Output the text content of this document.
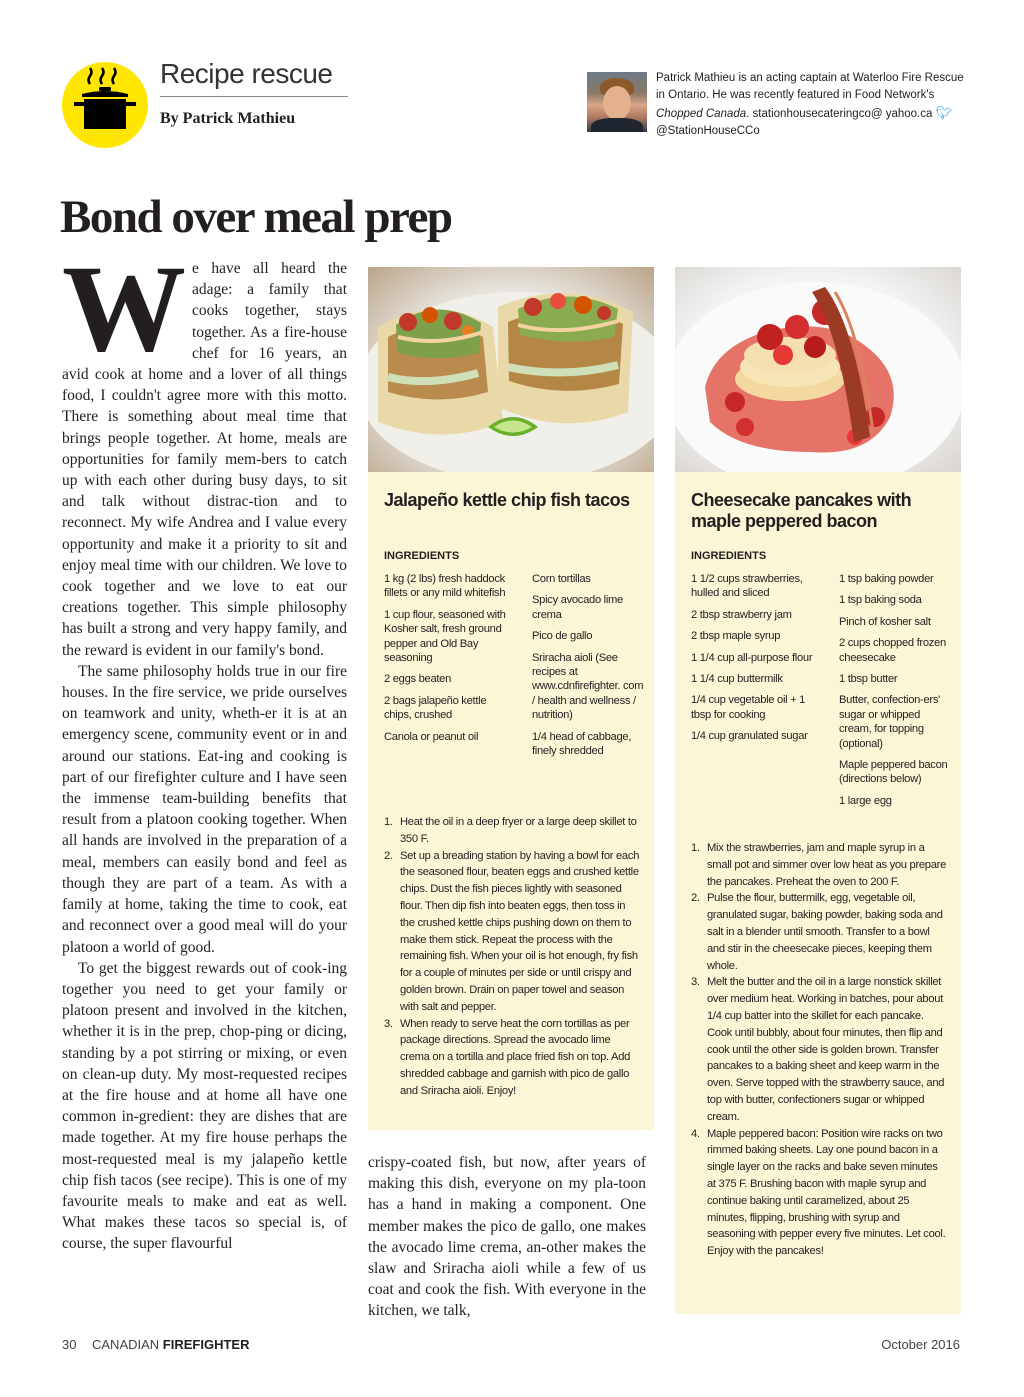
Recipe rescue
By Patrick Mathieu
Patrick Mathieu is an acting captain at Waterloo Fire Rescue in Ontario. He was recently featured in Food Network's Chopped Canada. stationhousecateringco@ yahoo.ca 🐦︎@StationHouseCCo
Bond over meal prep

We have all heard the adage: a family that cooks together, stays together. As a fire-house chef for 16 years, an avid cook at home and a lover of all things food, I couldn't agree more with this motto. There is something about meal time that brings people together. At home, meals are opportunities for family mem-bers to catch up with each other during busy days, to sit and talk without distrac-tion and to reconnect. My wife Andrea and I value every opportunity and make it a priority to sit and enjoy meal time with our children. We love to cook together and we love to eat our creations together. This simple philosophy has built a strong and very happy family, and the reward is evident in our family's bond.

The same philosophy holds true in our fire houses. In the fire service, we pride ourselves on teamwork and unity, wheth-er it is at an emergency scene, community event or in and around our stations. Eat-ing and cooking is part of our firefighter culture and I have seen the immense team-building benefits that result from a platoon cooking together. When all hands are involved in the preparation of a meal, members can easily bond and feel as though they are part of a team. As with a family at home, taking the time to cook, eat and reconnect over a good meal will do your platoon a world of good.

To get the biggest rewards out of cook-ing together you need to get your family or platoon present and involved in the kitchen, whether it is in the prep, chop-ping or dicing, standing by a pot stirring or mixing, or even on clean-up duty. My most-requested recipes at the fire house and at home all have one common in-gredient: they are dishes that are made together. At my fire house perhaps the most-requested meal is my jalapeño kettle chip fish tacos (see recipe). This is one of my favourite meals to make and eat as well. What makes these tacos so special is, of course, the super flavourful

Jalapeño kettle chip fish tacos
INGREDIENTS
1 kg (2 lbs) fresh haddock fillets or any mild whitefish
1 cup flour, seasoned with Kosher salt, fresh ground pepper and Old Bay seasoning
2 eggs beaten
2 bags jalapeño kettle chips, crushed
Canola or peanut oil
Corn tortillas
Spicy avocado lime crema
Pico de gallo
Sriracha aioli (See recipes at www.cdnfirefighter. com / health and wellness / nutrition)
1/4 head of cabbage, finely shredded
1. Heat the oil in a deep fryer or a large deep skillet to 350 F.
2. Set up a breading station by having a bowl for each the seasoned flour, beaten eggs and crushed kettle chips. Dust the fish pieces lightly with seasoned flour. Then dip fish into beaten eggs, then toss in the crushed kettle chips pushing down on them to make them stick. Repeat the process with the remaining fish. When your oil is hot enough, fry fish for a couple of minutes per side or until crispy and golden brown. Drain on paper towel and season with salt and pepper.
3. When ready to serve heat the corn tortillas as per package directions. Spread the avocado lime crema on a tortilla and place fried fish on top. Add shredded cabbage and garnish with pico de gallo and Sriracha aioli. Enjoy!
Cheesecake pancakes with maple peppered bacon
INGREDIENTS
1 1/2 cups strawberries, hulled and sliced
2 tbsp strawberry jam
2 tbsp maple syrup
1 1/4 cup all-purpose flour
1 1/4 cup buttermilk
1/4 cup vegetable oil + 1 tbsp for cooking
1/4 cup granulated sugar
1 tsp baking powder
1 tsp baking soda
Pinch of kosher salt
2 cups chopped frozen cheesecake
1 tbsp butter
Butter, confection-ers' sugar or whipped cream, for topping (optional)
Maple peppered bacon (directions below)
1 large egg
1. Mix the strawberries, jam and maple syrup in a small pot and simmer over low heat as you prepare the pancakes. Preheat the oven to 200 F.
2. Pulse the flour, buttermilk, egg, vegetable oil, granulated sugar, baking powder, baking soda and salt in a blender until smooth. Transfer to a bowl and stir in the cheesecake pieces, keeping them whole.
3. Melt the butter and the oil in a large nonstick skillet over medium heat. Working in batches, pour about 1/4 cup batter into the skillet for each pancake. Cook until bubbly, about four minutes, then flip and cook until the other side is golden brown. Transfer pancakes to a baking sheet and keep warm in the oven. Serve topped with the strawberry sauce, and top with butter, confectioners sugar or whipped cream.
4. Maple peppered bacon: Position wire racks on two rimmed baking sheets. Lay one pound bacon in a single layer on the racks and bake seven minutes at 375 F. Brushing bacon with maple syrup and continue baking until caramelized, about 25 minutes, flipping, brushing with syrup and seasoning with pepper every five minutes. Let cool. Enjoy with the pancakes!
crispy-coated fish, but now, after years of making this dish, everyone on my pla-toon has a hand in making a component. One member makes the pico de gallo, one makes the avocado lime crema, an-other makes the slaw and Sriracha aioli while a few of us coat and cook the fish. With everyone in the kitchen, we talk,
30 CANADIAN FIREFIGHTER	October 2016
